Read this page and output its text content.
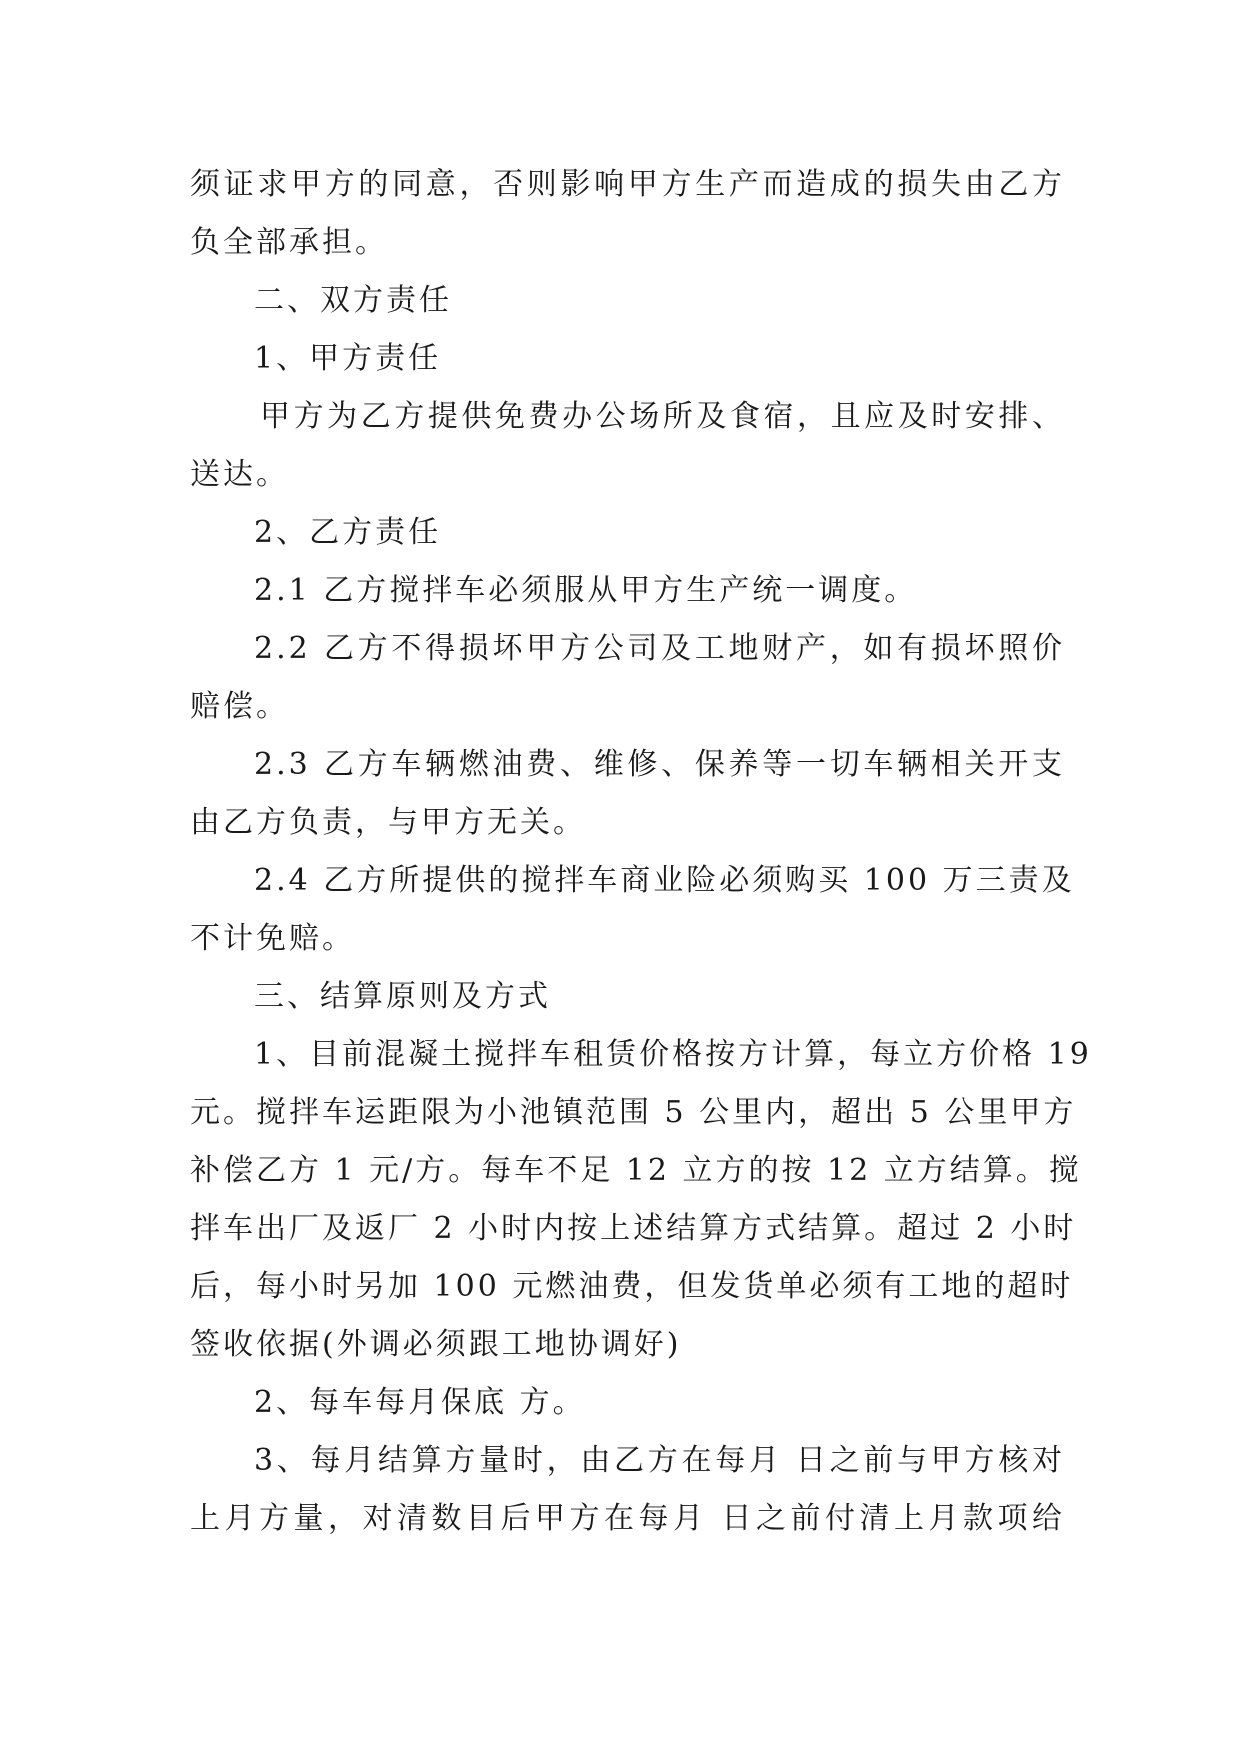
须证求甲方的同意，否则影响甲方生产而造成的损失由乙方
负全部承担。
二、双方责任
1、甲方责任
甲方为乙方提供免费办公场所及食宿，且应及时安排、
送达。
2、乙方责任
2.1 乙方搅拌车必须服从甲方生产统一调度。
2.2 乙方不得损坏甲方公司及工地财产，如有损坏照价
赔偿。
2.3 乙方车辆燃油费、维修、保养等一切车辆相关开支
由乙方负责，与甲方无关。
2.4 乙方所提供的搅拌车商业险必须购买 100 万三责及
不计免赔。
三、结算原则及方式
1、目前混凝土搅拌车租赁价格按方计算，每立方价格 19
元。搅拌车运距限为小池镇范围 5 公里内，超出 5 公里甲方
补偿乙方 1 元/方。每车不足 12 立方的按 12 立方结算。搅
拌车出厂及返厂 2 小时内按上述结算方式结算。超过 2 小时
后，每小时另加 100 元燃油费，但发货单必须有工地的超时
签收依据(外调必须跟工地协调好)
2、每车每月保底 方。
3、每月结算方量时，由乙方在每月 日之前与甲方核对
上月方量，对清数目后甲方在每月 日之前付清上月款项给
